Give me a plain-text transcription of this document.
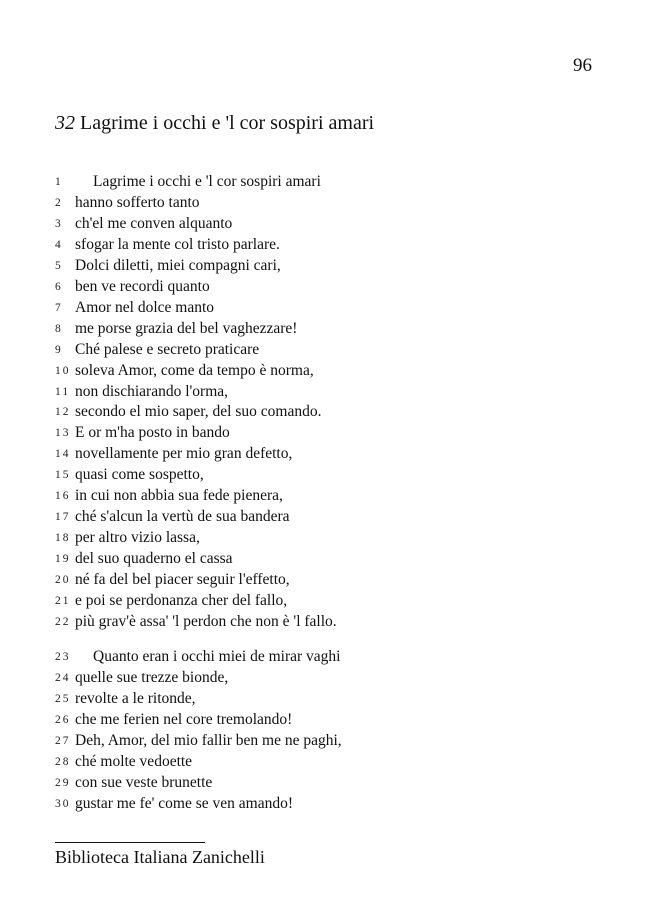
96
32 Lagrime i occhi e 'l cor sospiri amari
1 Lagrime i occhi e 'l cor sospiri amari
2 hanno sofferto tanto
3 ch'el me conven alquanto
4 sfogar la mente col tristo parlare.
5 Dolci diletti, miei compagni cari,
6 ben ve recordi quanto
7 Amor nel dolce manto
8 me porse grazia del bel vaghezzare!
9 Ché palese e secreto praticare
10 soleva Amor, come da tempo è norma,
11 non dischiarando l'orma,
12 secondo el mio saper, del suo comando.
13 E or m'ha posto in bando
14 novellamente per mio gran defetto,
15 quasi come sospetto,
16 in cui non abbia sua fede pienera,
17 ché s'alcun la vertù de sua bandera
18 per altro vizio lassa,
19 del suo quaderno el cassa
20 né fa del bel piacer seguir l'effetto,
21 e poi se perdonanza cher del fallo,
22 più grav'è assa' 'l perdon che non è 'l fallo.
23 Quanto eran i occhi miei de mirar vaghi
24 quelle sue trezze bionde,
25 revolte a le ritonde,
26 che me ferien nel core tremolando!
27 Deh, Amor, del mio fallir ben me ne paghi,
28 ché molte vedoette
29 con sue veste brunette
30 gustar me fe' come se ven amando!
Biblioteca Italiana Zanichelli
